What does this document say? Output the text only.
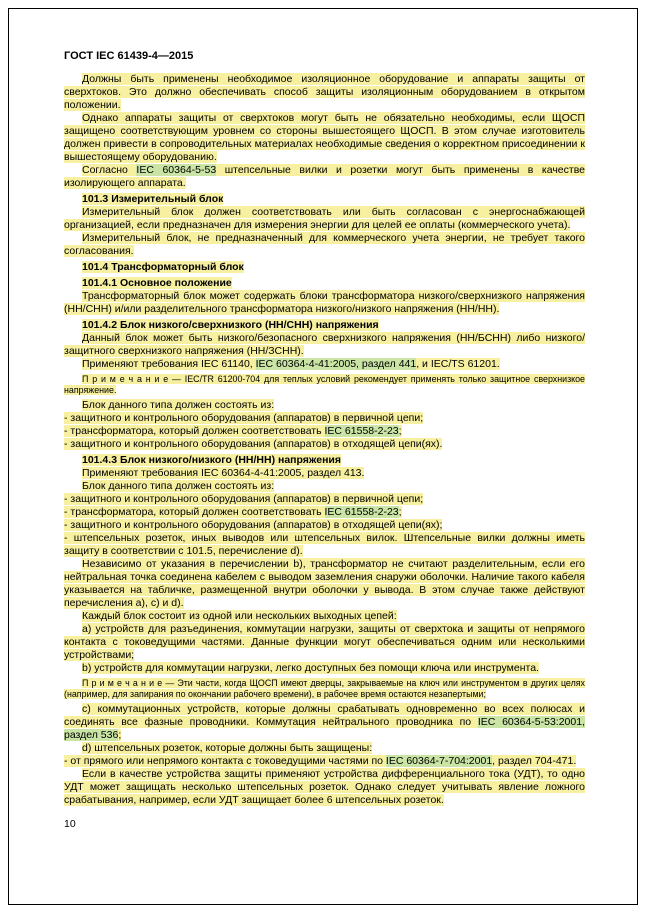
ГОСТ IEC 61439-4—2015

Должны быть применены необходимое изоляционное оборудование и аппараты защиты от сверхтоков. Это должно обеспечивать способ защиты изоляционным оборудованием в открытом положении.

Однако аппараты защиты от сверхтоков могут быть не обязательно необходимы, если ЩОСП защищено соответствующим уровнем со стороны вышестоящего ЩОСП. В этом случае изготовитель должен привести в сопроводительных материалах необходимые сведения о корректном присоединении к вышестоящему оборудованию.

Согласно IEC 60364-5-53 штепсельные вилки и розетки могут быть применены в качестве изолирующего аппарата.

101.3 Измерительный блок

Измерительный блок должен соответствовать или быть согласован с энергоснабжающей организацией, если предназначен для измерения энергии для целей ее оплаты (коммерческого учета).

Измерительный блок, не предназначенный для коммерческого учета энергии, не требует такого согласования.

101.4 Трансформаторный блок

101.4.1 Основное положение

Трансформаторный блок может содержать блоки трансформатора низкого/сверхнизкого напряжения (НН/СНН) и/или разделительного трансформатора низкого/низкого напряжения (НН/НН).

101.4.2 Блок низкого/сверхнизкого (НН/СНН) напряжения

Данный блок может быть низкого/безопасного сверхнизкого напряжения (НН/БСНН) либо низкого/защитного сверхнизкого напряжения (НН/ЗСНН).

Применяют требования IEC 61140, IEC 60364-4-41:2005, раздел 441, и IEC/TS 61201.

П р и м е ч а н и е — IEC/TR 61200-704 для теплых условий рекомендует применять только защитное сверхнизкое напряжение.

Блок данного типа должен состоять из:

- защитного и контрольного оборудования (аппаратов) в первичной цепи;

- трансформатора, который должен соответствовать IEC 61558-2-23;

- защитного и контрольного оборудования (аппаратов) в отходящей цепи(ях).

101.4.3 Блок низкого/низкого (НН/НН) напряжения

Применяют требования IEC 60364-4-41:2005, раздел 413.

Блок данного типа должен состоять из:

- защитного и контрольного оборудования (аппаратов) в первичной цепи;

- трансформатора, который должен соответствовать IEC 61558-2-23;

- защитного и контрольного оборудования (аппаратов) в отходящей цепи(ях);

- штепсельных розеток, иных выводов или штепсельных вилок. Штепсельные вилки должны иметь защиту в соответствии с 101.5, перечисление d).

Независимо от указания в перечислении b), трансформатор не считают разделительным, если его нейтральная точка соединена кабелем с выводом заземления снаружи оболочки. Наличие такого кабеля указывается на табличке, размещенной внутри оболочки у вывода. В этом случае также действуют перечисления a), c) и d).

Каждый блок состоит из одной или нескольких выходных цепей:

a) устройств для разъединения, коммутации нагрузки, защиты от сверхтока и защиты от непрямого контакта с токоведущими частями. Данные функции могут обеспечиваться одним или несколькими устройствами;

b) устройств для коммутации нагрузки, легко доступных без помощи ключа или инструмента.

П р и м е ч а н и е — Эти части, когда ЩОСП имеют дверцы, закрываемые на ключ или инструментом в других целях (например, для запирания по окончании рабочего времени), в рабочее время остаются незапертыми;

c) коммутационных устройств, которые должны срабатывать одновременно во всех полюсах и соединять все фазные проводники. Коммутация нейтрального проводника по IEC 60364-5-53:2001, раздел 536;

d) штепсельных розеток, которые должны быть защищены:

- от прямого или непрямого контакта с токоведущими частями по IEC 60364-7-704:2001, раздел 704-471.

Если в качестве устройства защиты применяют устройства дифференциального тока (УДТ), то одно УДТ может защищать несколько штепсельных розеток. Однако следует учитывать явление ложного срабатывания, например, если УДТ защищает более 6 штепсельных розеток.

10
